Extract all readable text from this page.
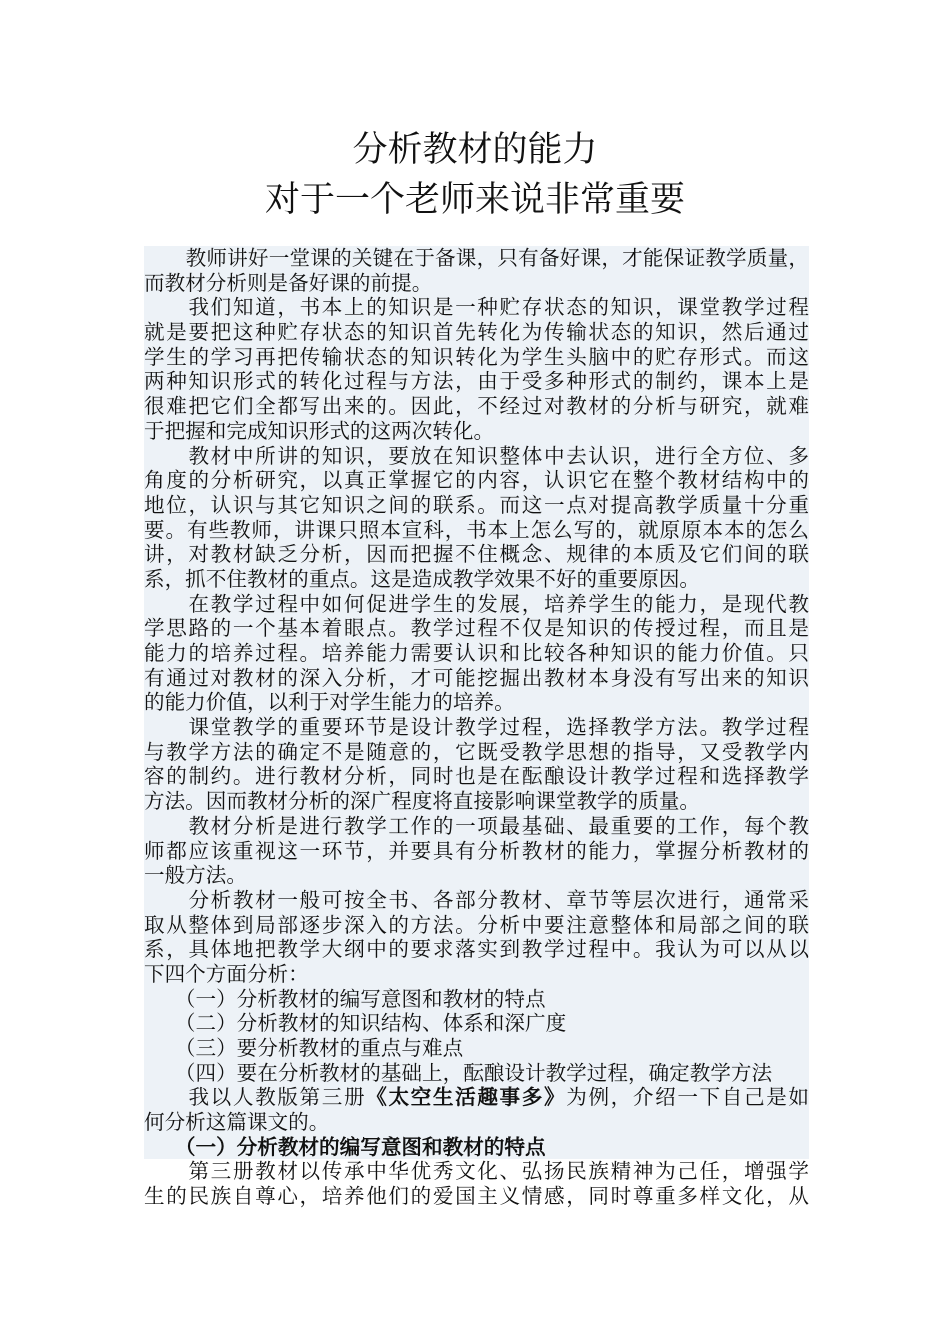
分析教材的能力
对于一个老师来说非常重要
　　教师讲好一堂课的关键在于备课，只有备好课，才能保证教学质量，
而教材分析则是备好课的前提。
　　我们知道，书本上的知识是一种贮存状态的知识，课堂教学过程
就是要把这种贮存状态的知识首先转化为传输状态的知识，然后通过
学生的学习再把传输状态的知识转化为学生头脑中的贮存形式。而这
两种知识形式的转化过程与方法，由于受多种形式的制约，课本上是
很难把它们全都写出来的。因此，不经过对教材的分析与研究，就难
于把握和完成知识形式的这两次转化。
　　教材中所讲的知识，要放在知识整体中去认识，进行全方位、多
角度的分析研究，以真正掌握它的内容，认识它在整个教材结构中的
地位，认识与其它知识之间的联系。而这一点对提高教学质量十分重
要。有些教师，讲课只照本宣科，书本上怎么写的，就原原本本的怎么
讲，对教材缺乏分析，因而把握不住概念、规律的本质及它们间的联
系，抓不住教材的重点。这是造成教学效果不好的重要原因。
　　在教学过程中如何促进学生的发展，培养学生的能力，是现代教
学思路的一个基本着眼点。教学过程不仅是知识的传授过程，而且是
能力的培养过程。培养能力需要认识和比较各种知识的能力价值。只
有通过对教材的深入分析，才可能挖掘出教材本身没有写出来的知识
的能力价值，以利于对学生能力的培养。
　　课堂教学的重要环节是设计教学过程，选择教学方法。教学过程
与教学方法的确定不是随意的，它既受教学思想的指导，又受教学内
容的制约。进行教材分析，同时也是在酝酿设计教学过程和选择教学
方法。因而教材分析的深广程度将直接影响课堂教学的质量。
　　教材分析是进行教学工作的一项最基础、最重要的工作，每个教
师都应该重视这一环节，并要具有分析教材的能力，掌握分析教材的
一般方法。
　　分析教材一般可按全书、各部分教材、章节等层次进行，通常采
取从整体到局部逐步深入的方法。分析中要注意整体和局部之间的联
系，具体地把教学大纲中的要求落实到教学过程中。我认为可以从以
下四个方面分析：
　　（一）分析教材的编写意图和教材的特点
　　（二）分析教材的知识结构、体系和深广度
　　（三）要分析教材的重点与难点
　　（四）要在分析教材的基础上，酝酿设计教学过程，确定教学方法
　　我以人教版第三册《太空生活趣事多》为例，介绍一下自己是如
何分析这篇课文的。
　　（一）分析教材的编写意图和教材的特点
　　第三册教材以传承中华优秀文化、弘扬民族精神为己任，增强学
生的民族自尊心，培养他们的爱国主义情感，同时尊重多样文化，从
